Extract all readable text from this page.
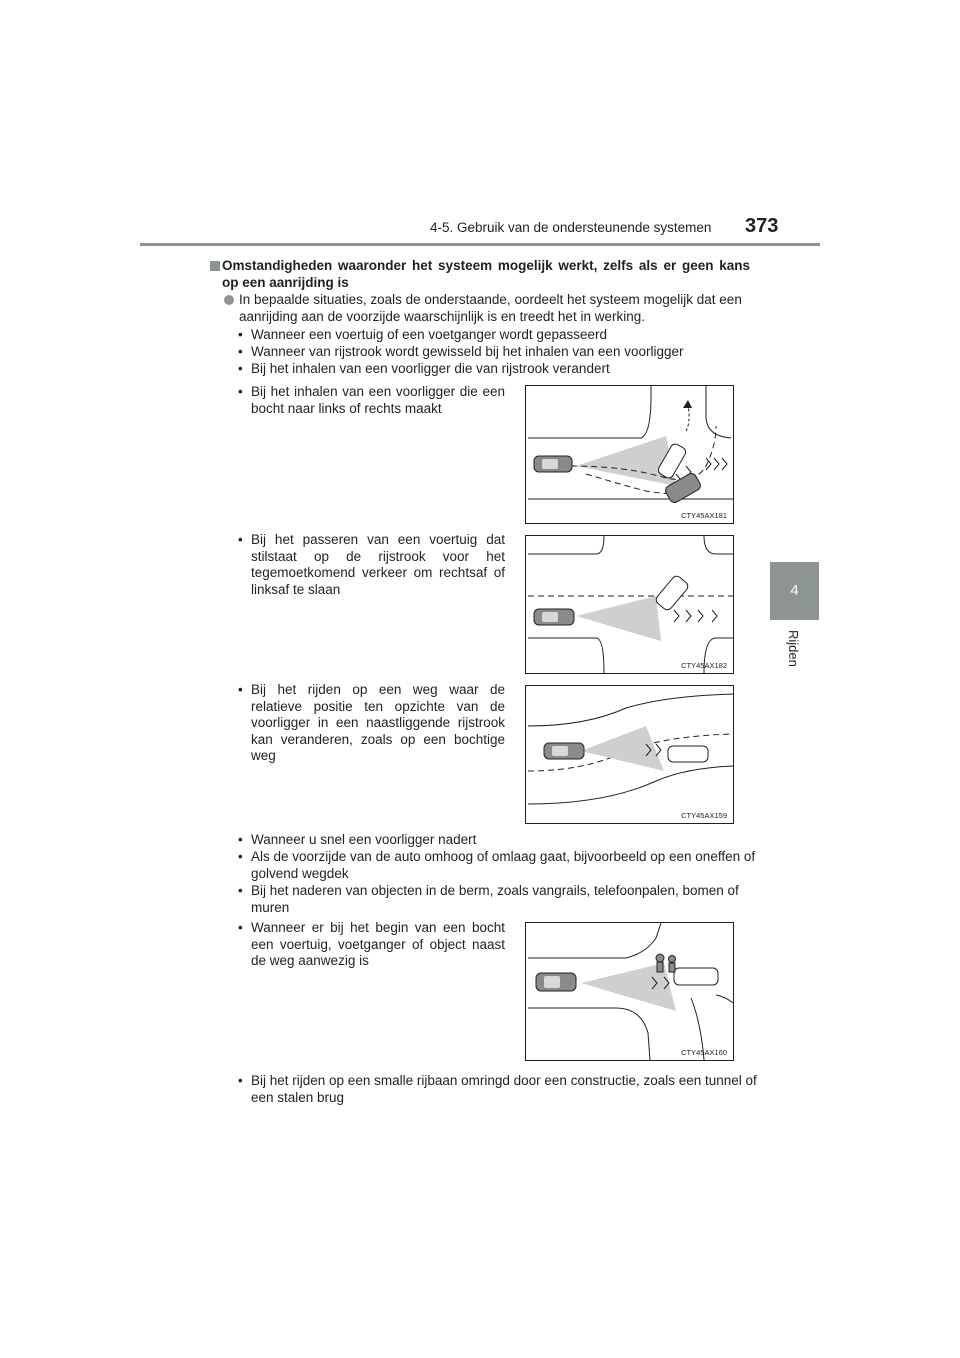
4-5. Gebruik van de ondersteunende systemen 373
4
Rijden

Omstandigheden waaronder het systeem mogelijk werkt, zelfs als er geen kans op een aanrijding is

In bepaalde situaties, zoals de onderstaande, oordeelt het systeem mogelijk dat een aanrijding aan de voorzijde waarschijnlijk is en treedt het in werking.

• Wanneer een voertuig of een voetganger wordt gepasseerd
• Wanneer van rijstrook wordt gewisseld bij het inhalen van een voorligger
• Bij het inhalen van een voorligger die van rijstrook verandert
• Bij het inhalen van een voorligger die een bocht naar links of rechts maakt
CTY45AX181
• Bij het passeren van een voertuig dat stilstaat op de rijstrook voor het tegemoetkomend verkeer om rechtsaf of linksaf te slaan
CTY45AX182
• Bij het rijden op een weg waar de relatieve positie ten opzichte van de voorligger in een naastliggende rijstrook kan veranderen, zoals op een bochtige weg
CTY45AX159
• Wanneer u snel een voorligger nadert
• Als de voorzijde van de auto omhoog of omlaag gaat, bijvoorbeeld op een oneffen of golvend wegdek
• Bij het naderen van objecten in de berm, zoals vangrails, telefoonpalen, bomen of muren
• Wanneer er bij het begin van een bocht een voertuig, voetganger of object naast de weg aanwezig is
CTY45AX160
• Bij het rijden op een smalle rijbaan omringd door een constructie, zoals een tunnel of een stalen brug
